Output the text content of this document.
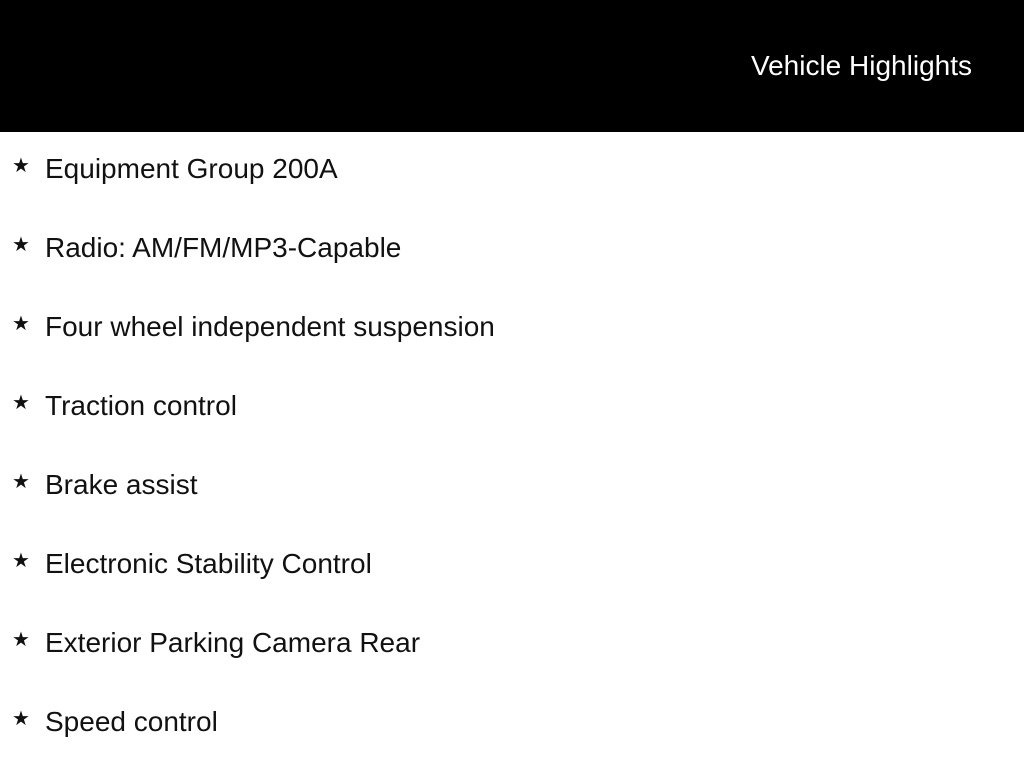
Vehicle Highlights
★ Equipment Group 200A
★ Radio: AM/FM/MP3-Capable
★ Four wheel independent suspension
★ Traction control
★ Brake assist
★ Electronic Stability Control
★ Exterior Parking Camera Rear
★ Speed control
